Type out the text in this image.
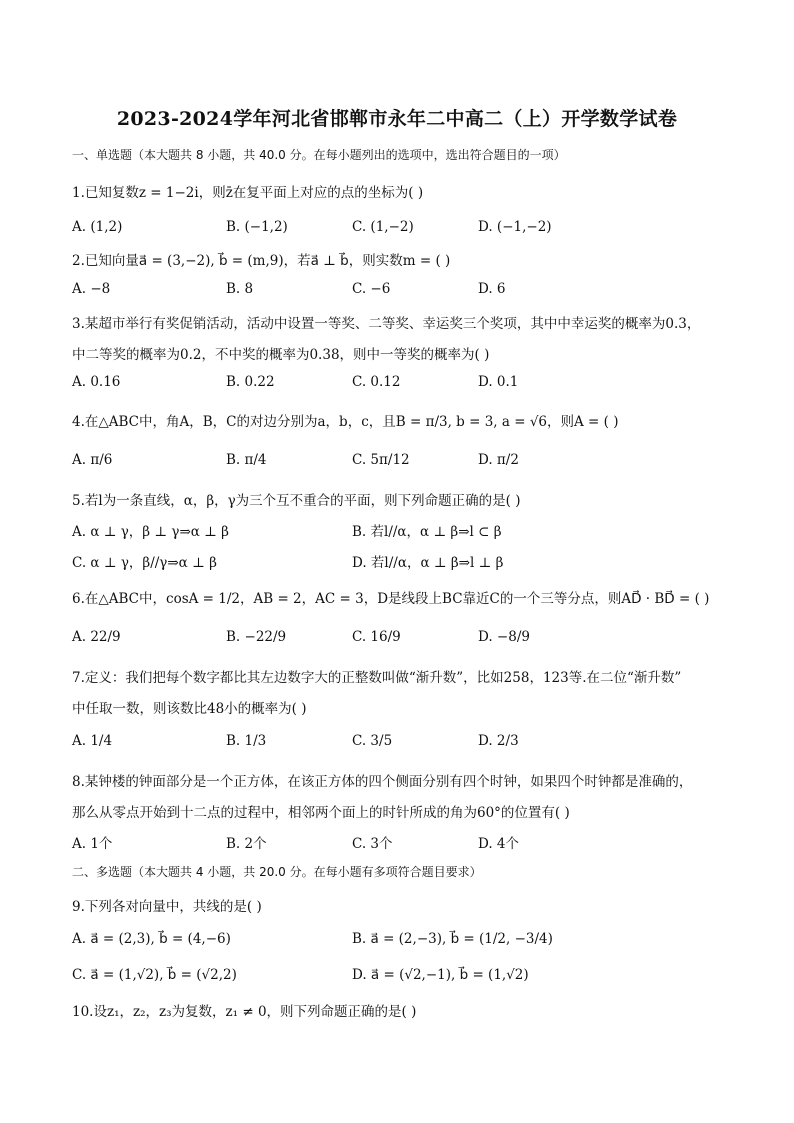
2023-2024学年河北省邯郸市永年二中高二（上）开学数学试卷
一、单选题（本大题共 8 小题，共 40.0 分。在每小题列出的选项中，选出符合题目的一项）
1.已知复数z = 1−2i，则z̄在复平面上对应的点的坐标为( )
A. (1,2)	B. (−1,2)	C. (1,−2)	D. (−1,−2)
2.已知向量a⃗ = (3,−2), b⃗ = (m,9)，若a⃗ ⊥ b⃗，则实数m = ( )
A. −8	B. 8	C. −6	D. 6
3.某超市举行有奖促销活动，活动中设置一等奖、二等奖、幸运奖三个奖项，其中中幸运奖的概率为0.3，
中二等奖的概率为0.2，不中奖的概率为0.38，则中一等奖的概率为( )
A. 0.16	B. 0.22	C. 0.12	D. 0.1
4.在△ABC中，角A，B，C的对边分别为a，b，c，且B = π/3, b = 3, a = √6，则A = ( )
A. π/6	B. π/4	C. 5π/12	D. π/2
5.若l为一条直线，α，β，γ为三个互不重合的平面，则下列命题正确的是( )
A. α ⊥ γ，β ⊥ γ⇒α ⊥ β	B. 若l//α，α ⊥ β⇒l ⊂ β
C. α ⊥ γ，β//γ⇒α ⊥ β	D. 若l//α，α ⊥ β⇒l ⊥ β
6.在△ABC中，cosA = 1/2，AB = 2，AC = 3，D是线段上BC靠近C的一个三等分点，则AD⃗ · BD⃗ = ( )
A. 22/9	B. −22/9	C. 16/9	D. −8/9
7.定义：我们把每个数字都比其左边数字大的正整数叫做“渐升数”，比如258，123等.在二位“渐升数”
中任取一数，则该数比48小的概率为( )
A. 1/4	B. 1/3	C. 3/5	D. 2/3
8.某钟楼的钟面部分是一个正方体，在该正方体的四个侧面分别有四个时钟，如果四个时钟都是准确的，
那么从零点开始到十二点的过程中，相邻两个面上的时针所成的角为60°的位置有( )
A. 1个	B. 2个	C. 3个	D. 4个
二、多选题（本大题共 4 小题，共 20.0 分。在每小题有多项符合题目要求）
9.下列各对向量中，共线的是( )
A. a⃗ = (2,3), b⃗ = (4,−6)	B. a⃗ = (2,−3), b⃗ = (1/2, −3/4)
C. a⃗ = (1,√2), b⃗ = (√2,2)	D. a⃗ = (√2,−1), b⃗ = (1,√2)
10.设z₁，z₂，z₃为复数，z₁ ≠ 0，则下列命题正确的是( )
